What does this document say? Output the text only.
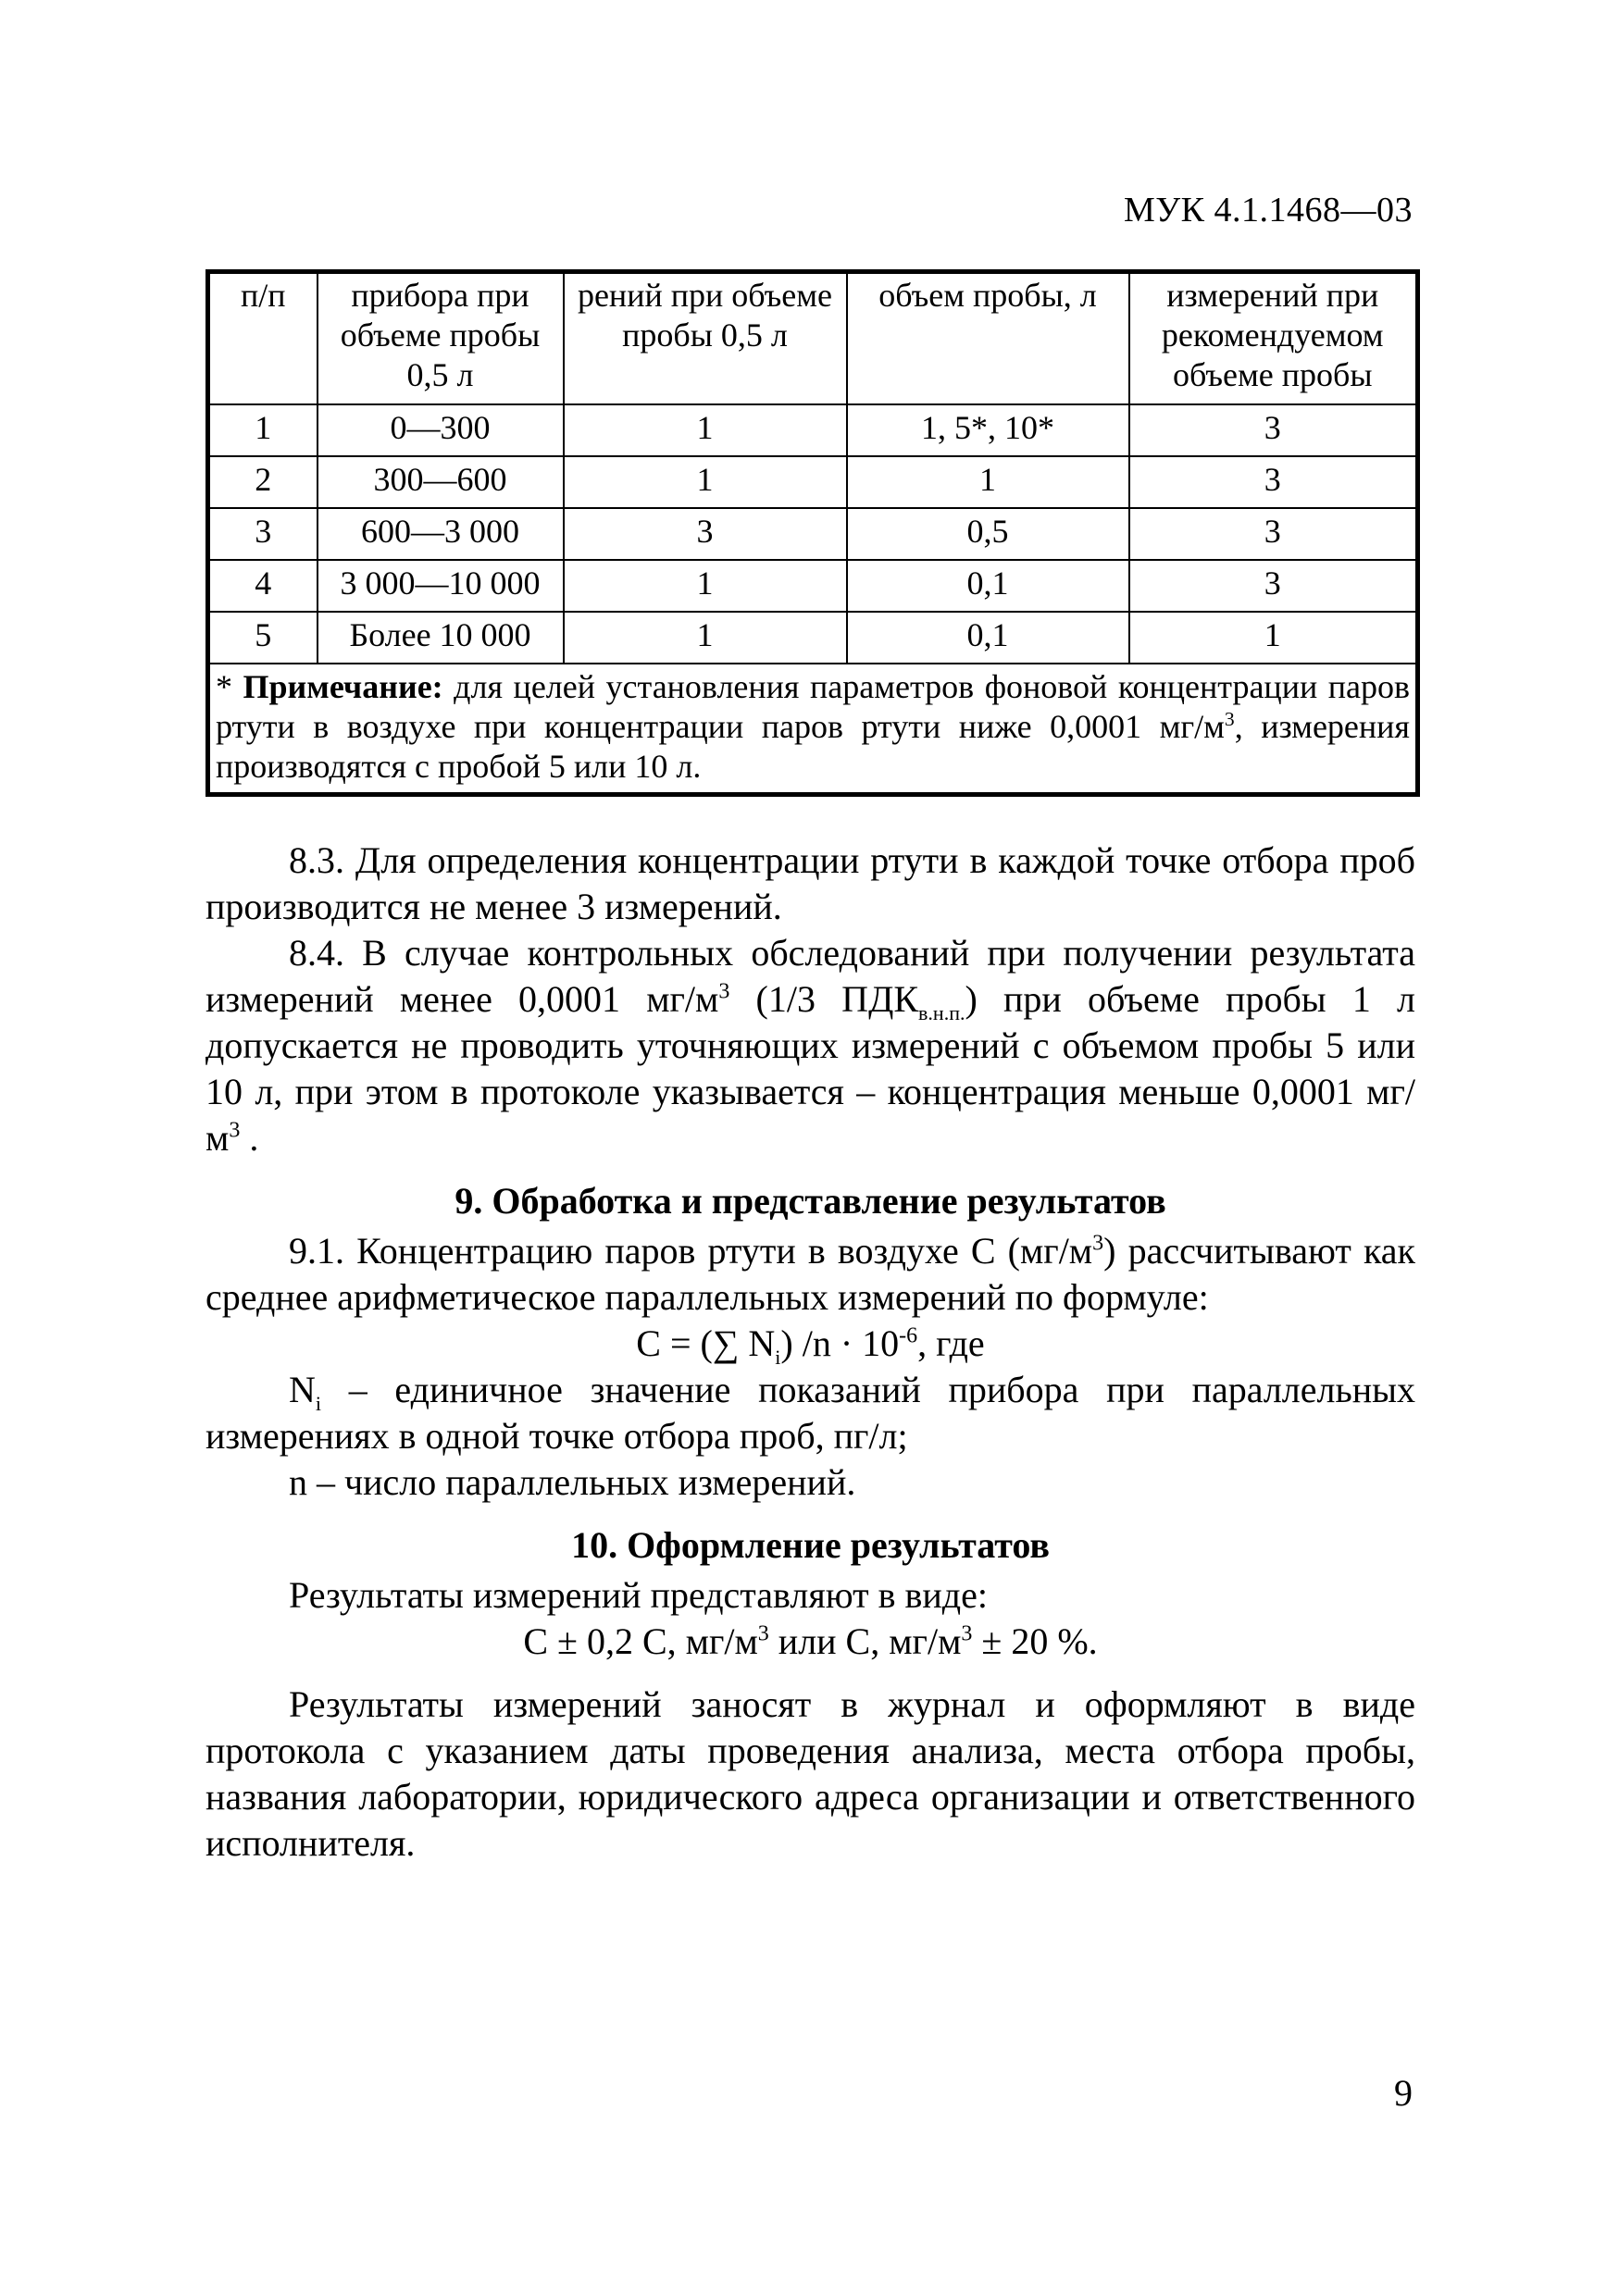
МУК 4.1.1468—03
п/п	прибора при объеме пробы 0,5 л	рений при объеме пробы 0,5 л	объем пробы, л	измерений при рекомендуемом объеме пробы
1	0—300	1	1, 5*, 10*	3
2	300—600	1	1	3
3	600—3 000	3	0,5	3
4	3 000—10 000	1	0,1	3
5	Более 10 000	1	0,1	1
* Примечание: для целей установления параметров фоновой концентрации паров ртути в воздухе при концентрации паров ртути ниже 0,0001 $мг/м^3$, измерения производятся с пробой 5 или 10 л.				

8.3. Для определения концентрации ртути в каждой точке отбора проб производится не менее 3 измерений.

8.4. В случае контрольных обследований при получении результата измерений менее 0,0001 $мг/м^3$ (1/3 $ПДК_{в.н.п.}$) при объеме пробы 1 л допускается не проводить уточняющих измерений с объемом пробы 5 или 10 л, при этом в протоколе указывается – концентрация меньше 0,0001 $мг/м^3$ .

9. Обработка и представление результатов

9.1. Концентрацию паров ртути в воздухе С $(мг/м^3)$ рассчитывают как среднее арифметическое параллельных измерений по формуле:

С = (∑ $N_i$) $/n \cdot 10^{-6}$, где

$N_i$ – единичное значение показаний прибора при параллельных измерениях в одной точке отбора проб, пг/л;

n – число параллельных измерений.

10. Оформление результатов

Результаты измерений представляют в виде:

С ± 0,2 С, $мг/м^3$ или С, $мг/м^3 \pm 20$ %.

Результаты измерений заносят в журнал и оформляют в виде протокола с указанием даты проведения анализа, места отбора пробы, названия лаборатории, юридического адреса организации и ответственного исполнителя.

9
